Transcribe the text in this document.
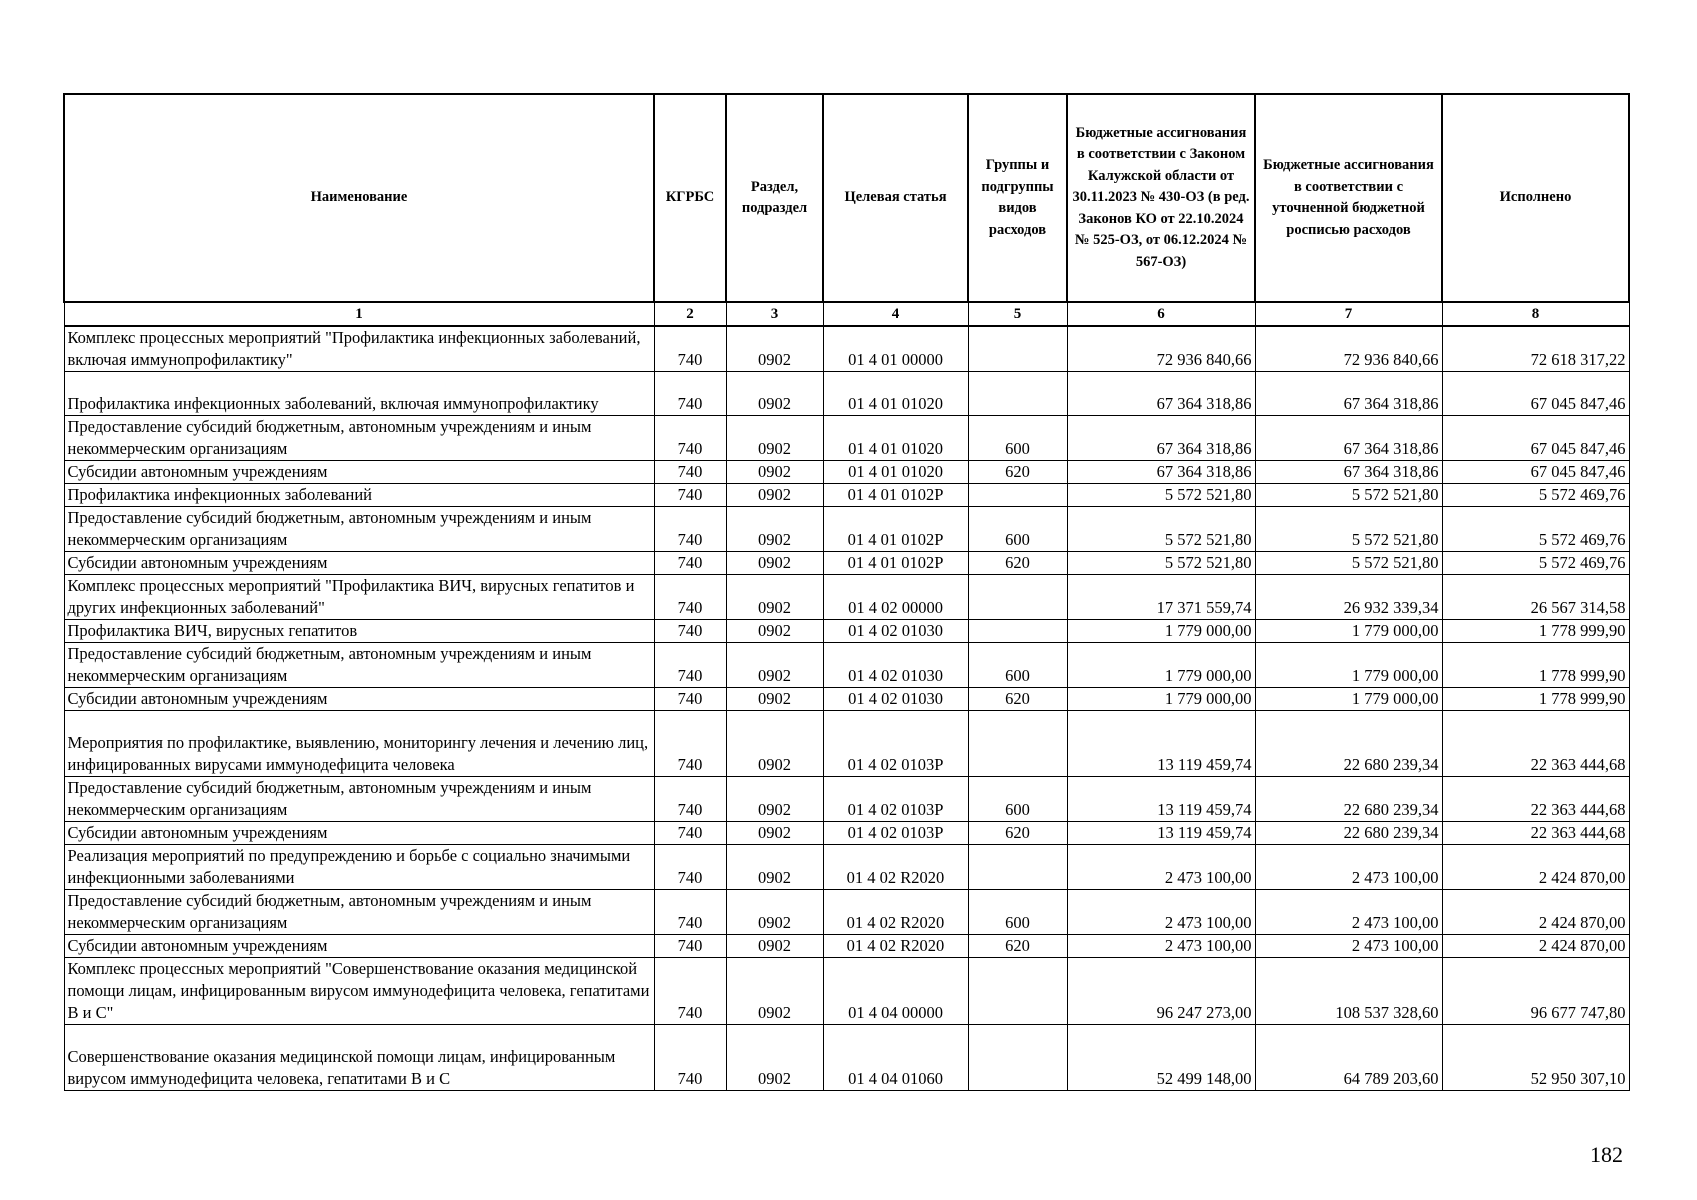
Наименование	КГРБС	Раздел, подраздел	Целевая статья	Группы и подгруппы видов расходов	Бюджетные ассигнования в соответствии с Законом Калужской области от 30.11.2023 № 430-ОЗ (в ред. Законов КО от 22.10.2024 № 525-ОЗ, от 06.12.2024 № 567-ОЗ)	Бюджетные ассигнования в соответствии с уточненной бюджетной росписью расходов	Исполнено
1	2	3	4	5	6	7	8
Комплекс процессных мероприятий "Профилактика инфекционных заболеваний, включая иммунопрофилактику"	740	0902	01 4 01 00000		72 936 840,66	72 936 840,66	72 618 317,22
Профилактика инфекционных заболеваний, включая иммунопрофилактику	740	0902	01 4 01 01020		67 364 318,86	67 364 318,86	67 045 847,46
Предоставление субсидий бюджетным, автономным учреждениям и иным некоммерческим организациям	740	0902	01 4 01 01020	600	67 364 318,86	67 364 318,86	67 045 847,46
Субсидии автономным учреждениям	740	0902	01 4 01 01020	620	67 364 318,86	67 364 318,86	67 045 847,46
Профилактика инфекционных заболеваний	740	0902	01 4 01 0102P		5 572 521,80	5 572 521,80	5 572 469,76
Предоставление субсидий бюджетным, автономным учреждениям и иным некоммерческим организациям	740	0902	01 4 01 0102P	600	5 572 521,80	5 572 521,80	5 572 469,76
Субсидии автономным учреждениям	740	0902	01 4 01 0102P	620	5 572 521,80	5 572 521,80	5 572 469,76
Комплекс процессных мероприятий "Профилактика ВИЧ, вирусных гепатитов и других инфекционных заболеваний"	740	0902	01 4 02 00000		17 371 559,74	26 932 339,34	26 567 314,58
Профилактика ВИЧ, вирусных гепатитов	740	0902	01 4 02 01030		1 779 000,00	1 779 000,00	1 778 999,90
Предоставление субсидий бюджетным, автономным учреждениям и иным некоммерческим организациям	740	0902	01 4 02 01030	600	1 779 000,00	1 779 000,00	1 778 999,90
Субсидии автономным учреждениям	740	0902	01 4 02 01030	620	1 779 000,00	1 779 000,00	1 778 999,90
Мероприятия по профилактике, выявлению, мониторингу лечения и лечению лиц, инфицированных вирусами иммунодефицита человека	740	0902	01 4 02 0103P		13 119 459,74	22 680 239,34	22 363 444,68
Предоставление субсидий бюджетным, автономным учреждениям и иным некоммерческим организациям	740	0902	01 4 02 0103P	600	13 119 459,74	22 680 239,34	22 363 444,68
Субсидии автономным учреждениям	740	0902	01 4 02 0103P	620	13 119 459,74	22 680 239,34	22 363 444,68
Реализация мероприятий по предупреждению и борьбе с социально значимыми инфекционными заболеваниями	740	0902	01 4 02 R2020		2 473 100,00	2 473 100,00	2 424 870,00
Предоставление субсидий бюджетным, автономным учреждениям и иным некоммерческим организациям	740	0902	01 4 02 R2020	600	2 473 100,00	2 473 100,00	2 424 870,00
Субсидии автономным учреждениям	740	0902	01 4 02 R2020	620	2 473 100,00	2 473 100,00	2 424 870,00
Комплекс процессных мероприятий "Совершенствование оказания медицинской помощи лицам, инфицированным вирусом иммунодефицита человека, гепатитами В и С"	740	0902	01 4 04 00000		96 247 273,00	108 537 328,60	96 677 747,80
Совершенствование оказания медицинской помощи лицам, инфицированным вирусом иммунодефицита человека, гепатитами В и С	740	0902	01 4 04 01060		52 499 148,00	64 789 203,60	52 950 307,10
182
